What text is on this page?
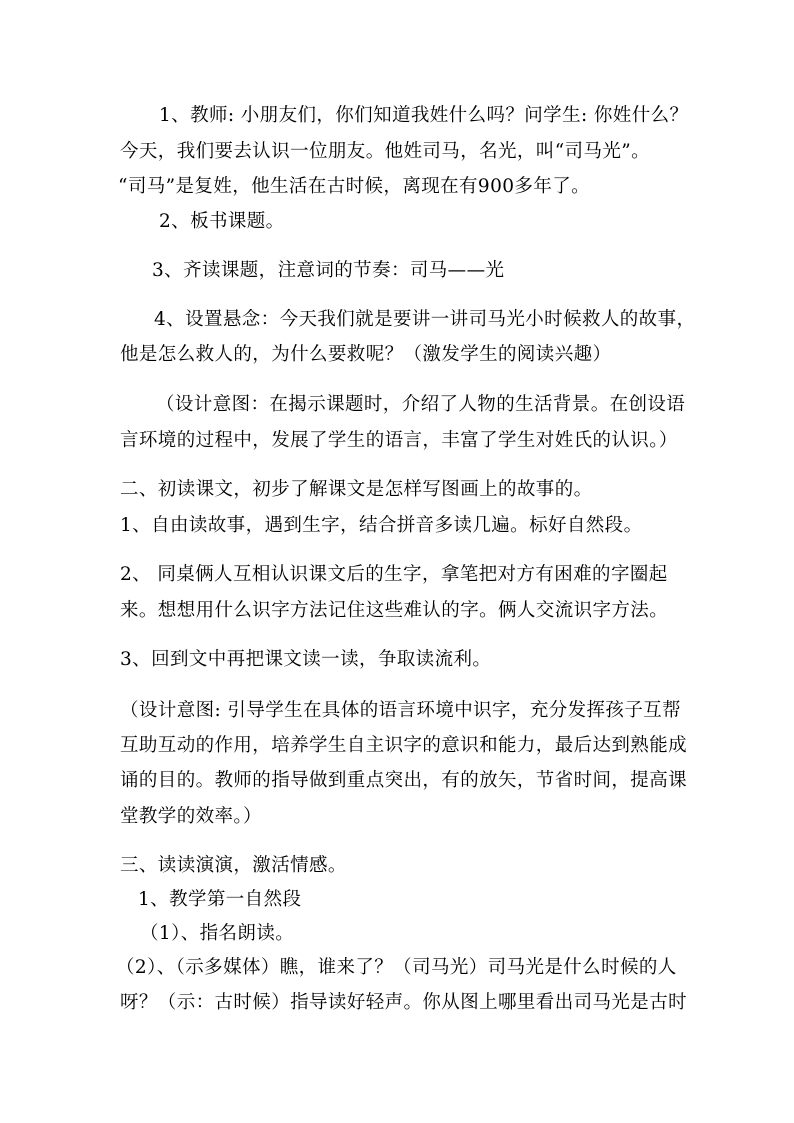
1、教师: 小朋友们，你们知道我姓什么吗？问学生: 你姓什么？
今天，我们要去认识一位朋友。他姓司马，名光，叫“司马光”。
“司马”是复姓，他生活在古时候，离现在有900多年了。
2、板书课题。
3、齐读课题，注意词的节奏：司马——光
4、设置悬念：今天我们就是要讲一讲司马光小时候救人的故事，
他是怎么救人的，为什么要救呢？（激发学生的阅读兴趣）
（设计意图：在揭示课题时，介绍了人物的生活背景。在创设语
言环境的过程中，发展了学生的语言，丰富了学生对姓氏的认识。）
二、初读课文，初步了解课文是怎样写图画上的故事的。
1、自由读故事，遇到生字，结合拼音多读几遍。标好自然段。
2、 同桌俩人互相认识课文后的生字，拿笔把对方有困难的字圈起
来。想想用什么识字方法记住这些难认的字。俩人交流识字方法。
3、回到文中再把课文读一读，争取读流利。
（设计意图: 引导学生在具体的语言环境中识字，充分发挥孩子互帮
互助互动的作用，培养学生自主识字的意识和能力，最后达到熟能成
诵的目的。教师的指导做到重点突出，有的放矢，节省时间，提高课
堂教学的效率。）
三、读读演演，激活情感。
1、教学第一自然段
（1）、指名朗读。
（2）、（示多媒体）瞧，谁来了？（司马光）司马光是什么时候的人
呀？（示：古时候）指导读好轻声。你从图上哪里看出司马光是古时
